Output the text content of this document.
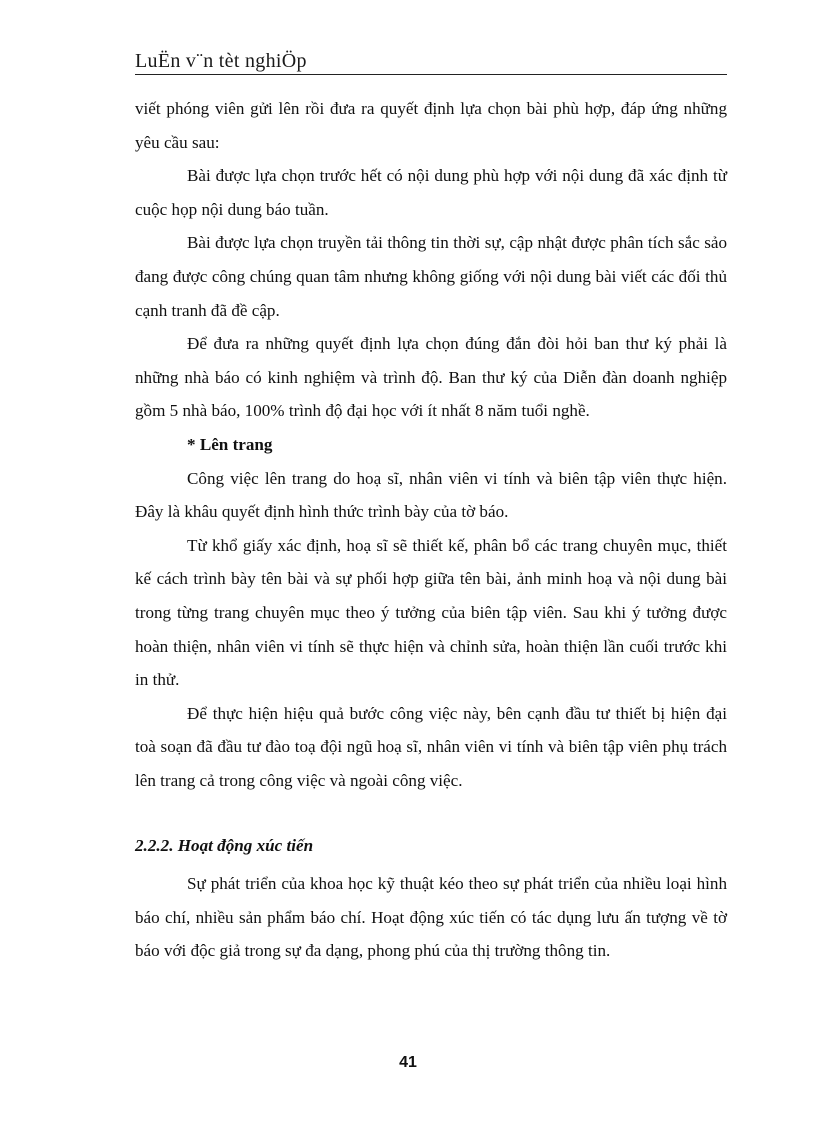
LuËn v¨n tèt nghiÖp

viết phóng viên gửi lên rồi đưa ra quyết định lựa chọn bài phù hợp, đáp ứng những yêu cầu sau:

Bài được lựa chọn trước hết có nội dung phù hợp với nội dung đã xác định từ cuộc họp nội dung báo tuần.

Bài được lựa chọn truyền tải thông tin thời sự, cập nhật được phân tích sắc sảo đang được công chúng quan tâm nhưng không giống với nội dung bài viết các đối thủ cạnh tranh đã đề cập.

Để đưa ra những quyết định lựa chọn đúng đắn đòi hỏi ban thư ký phải là những nhà báo có kinh nghiệm và trình độ. Ban thư ký của Diễn đàn doanh nghiệp gồm 5 nhà báo, 100% trình độ đại học với ít nhất 8 năm tuổi nghề.

* Lên trang

Công việc lên trang do hoạ sĩ, nhân viên vi tính và biên tập viên thực hiện. Đây là khâu quyết định hình thức trình bày của tờ báo.

Từ khổ giấy xác định, hoạ sĩ sẽ thiết kế, phân bổ các trang chuyên mục, thiết kế cách trình bày tên bài và sự phối hợp giữa tên bài, ảnh minh hoạ và nội dung bài trong từng trang chuyên mục theo ý tưởng của biên tập viên. Sau khi ý tưởng được hoàn thiện, nhân viên vi tính sẽ thực hiện và chỉnh sửa, hoàn thiện lần cuối trước khi in thử.

Để thực hiện hiệu quả bước công việc này, bên cạnh đầu tư thiết bị hiện đại toà soạn đã đầu tư đào toạ đội ngũ hoạ sĩ, nhân viên vi tính và biên tập viên phụ trách lên trang cả trong công việc và ngoài công việc.

2.2.2. Hoạt động xúc tiến

Sự phát triển của khoa học kỹ thuật kéo theo sự phát triển của nhiều loại hình báo chí, nhiều sản phẩm báo chí. Hoạt động xúc tiến có tác dụng lưu ấn tượng về tờ báo với độc giả trong sự đa dạng, phong phú của thị trường thông tin.

41
